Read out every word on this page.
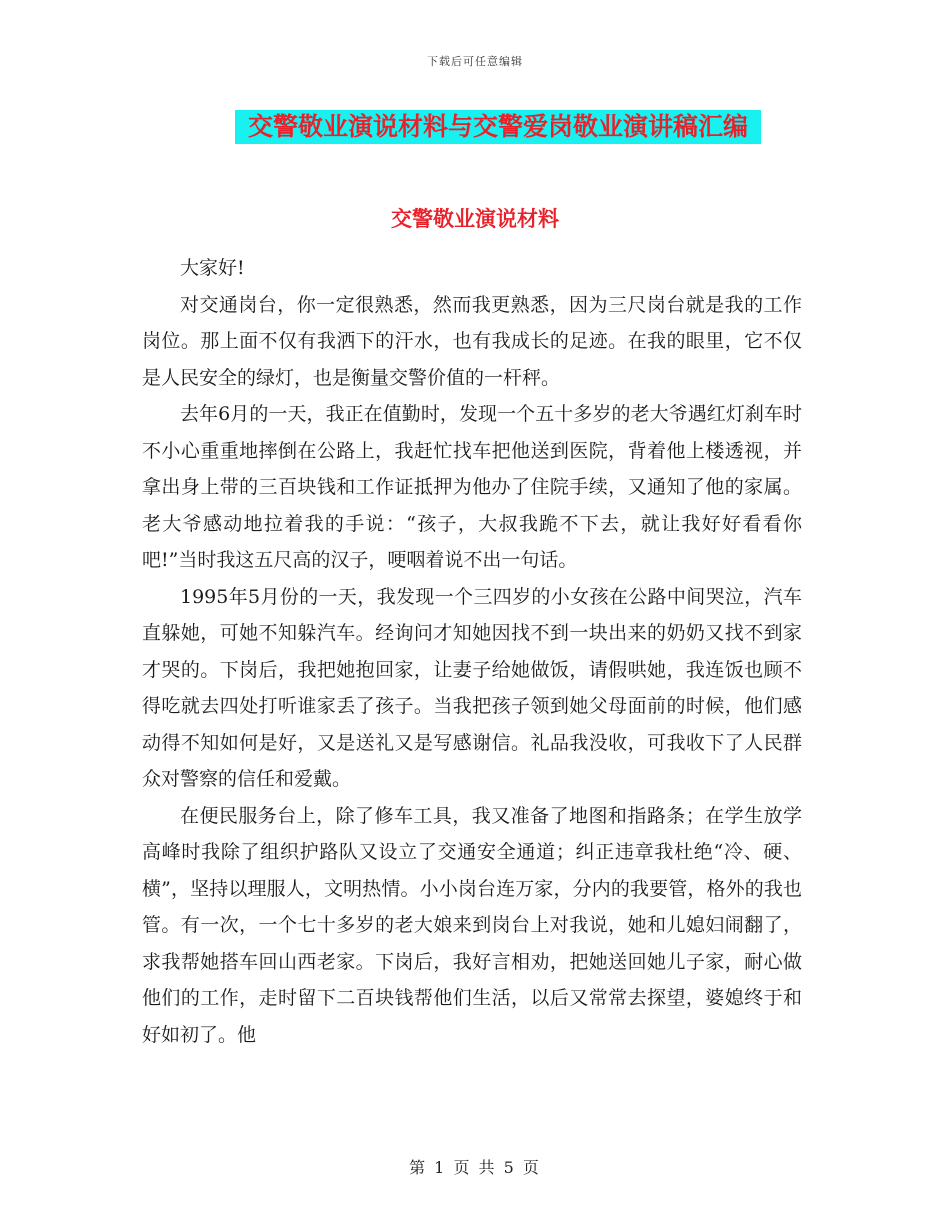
下载后可任意编辑
交警敬业演说材料与交警爱岗敬业演讲稿汇编
交警敬业演说材料

大家好!

对交通岗台，你一定很熟悉，然而我更熟悉，因为三尺岗台就是我的工作岗位。那上面不仅有我洒下的汗水，也有我成长的足迹。在我的眼里，它不仅是人民安全的绿灯，也是衡量交警价值的一杆秤。

去年6月的一天，我正在值勤时，发现一个五十多岁的老大爷遇红灯刹车时不小心重重地摔倒在公路上，我赶忙找车把他送到医院，背着他上楼透视，并拿出身上带的三百块钱和工作证抵押为他办了住院手续，又通知了他的家属。老大爷感动地拉着我的手说：“孩子，大叔我跪不下去，就让我好好看看你吧!”当时我这五尺高的汉子，哽咽着说不出一句话。

1995年5月份的一天，我发现一个三四岁的小女孩在公路中间哭泣，汽车直躲她，可她不知躲汽车。经询问才知她因找不到一块出来的奶奶又找不到家才哭的。下岗后，我把她抱回家，让妻子给她做饭，请假哄她，我连饭也顾不得吃就去四处打听谁家丢了孩子。当我把孩子领到她父母面前的时候，他们感动得不知如何是好，又是送礼又是写感谢信。礼品我没收，可我收下了人民群众对警察的信任和爱戴。

在便民服务台上，除了修车工具，我又准备了地图和指路条；在学生放学高峰时我除了组织护路队又设立了交通安全通道；纠正违章我杜绝“冷、硬、横”，坚持以理服人，文明热情。小小岗台连万家，分内的我要管，格外的我也管。有一次，一个七十多岁的老大娘来到岗台上对我说，她和儿媳妇闹翻了，求我帮她搭车回山西老家。下岗后，我好言相劝，把她送回她儿子家，耐心做他们的工作，走时留下二百块钱帮他们生活，以后又常常去探望，婆媳终于和好如初了。他

第 1 页 共 5 页
